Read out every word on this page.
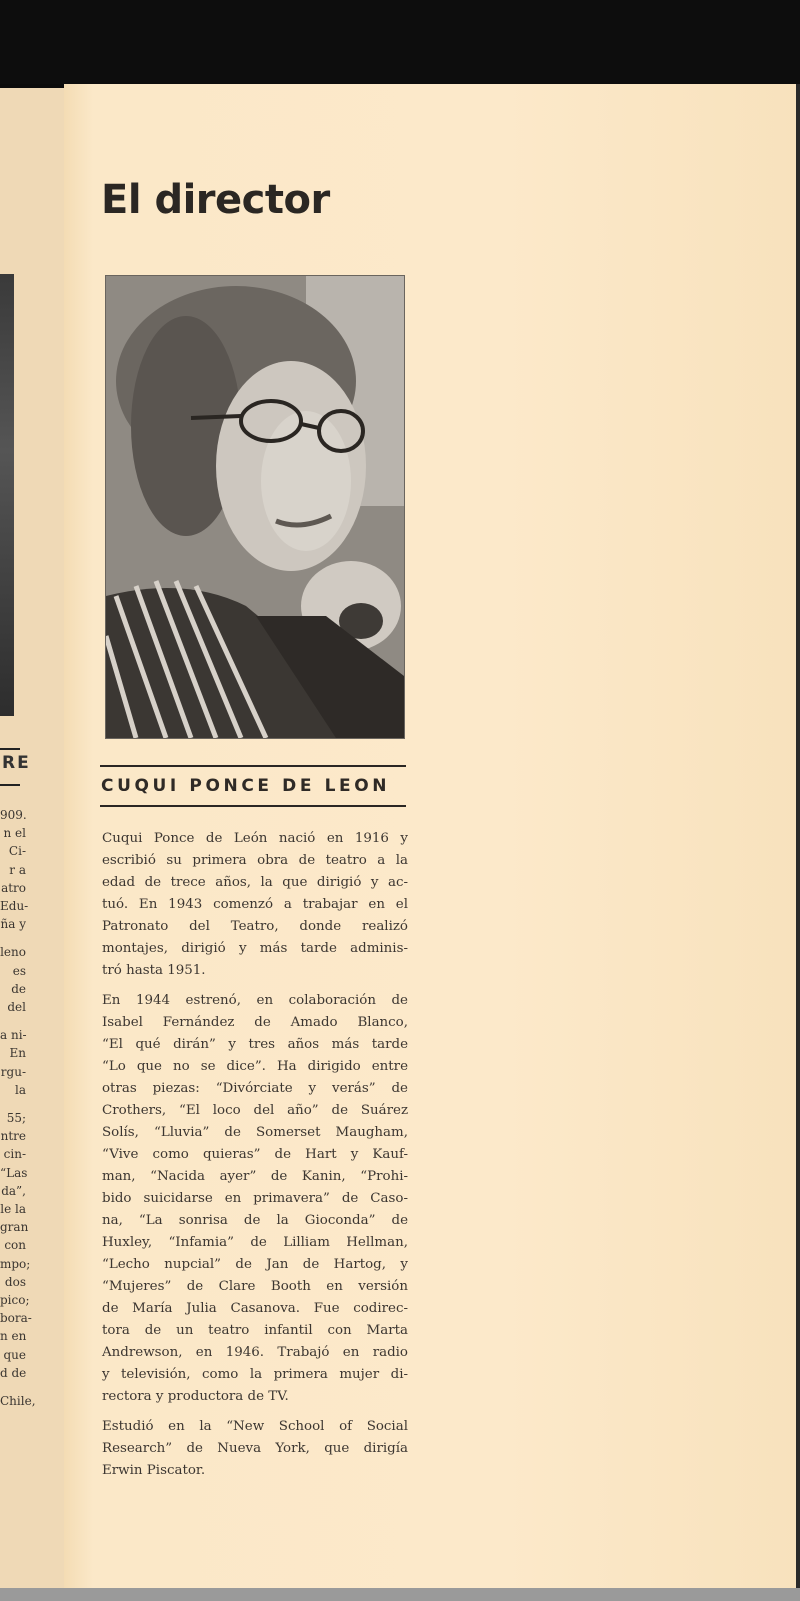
RE
909.
n el
Ci-
r a
atro
Edu-
ña y
leno
es
de
del
a ni-
En
rgu-
la
55;
ntre
cin-
“Las
da”,
le la
gran
con
mpo;
dos
pico;
bora-
n en
que
d de
Chile,
El director
CUQUI PONCE DE LEON

Cuqui Ponce de León nació en 1916 y
escribió su primera obra de teatro a la
edad de trece años, la que dirigió y ac-
tuó. En 1943 comenzó a trabajar en el
Patronato del Teatro, donde realizó
montajes, dirigió y más tarde adminis-
tró hasta 1951.

En 1944 estrenó, en colaboración de
Isabel Fernández de Amado Blanco,
“El qué dirán” y tres años más tarde
“Lo que no se dice”. Ha dirigido entre
otras piezas: “Divórciate y verás” de
Crothers, “El loco del año” de Suárez
Solís, “Lluvia” de Somerset Maugham,
“Vive como quieras” de Hart y Kauf-
man, “Nacida ayer” de Kanin, “Prohi-
bido suicidarse en primavera” de Caso-
na, “La sonrisa de la Gioconda” de
Huxley, “Infamia” de Lilliam Hellman,
“Lecho nupcial” de Jan de Hartog, y
“Mujeres” de Clare Booth en versión
de María Julia Casanova. Fue codirec-
tora de un teatro infantil con Marta
Andrewson, en 1946. Trabajó en radio
y televisión, como la primera mujer di-
rectora y productora de TV.

Estudió en la “New School of Social
Research” de Nueva York, que dirigía
Erwin Piscator.
